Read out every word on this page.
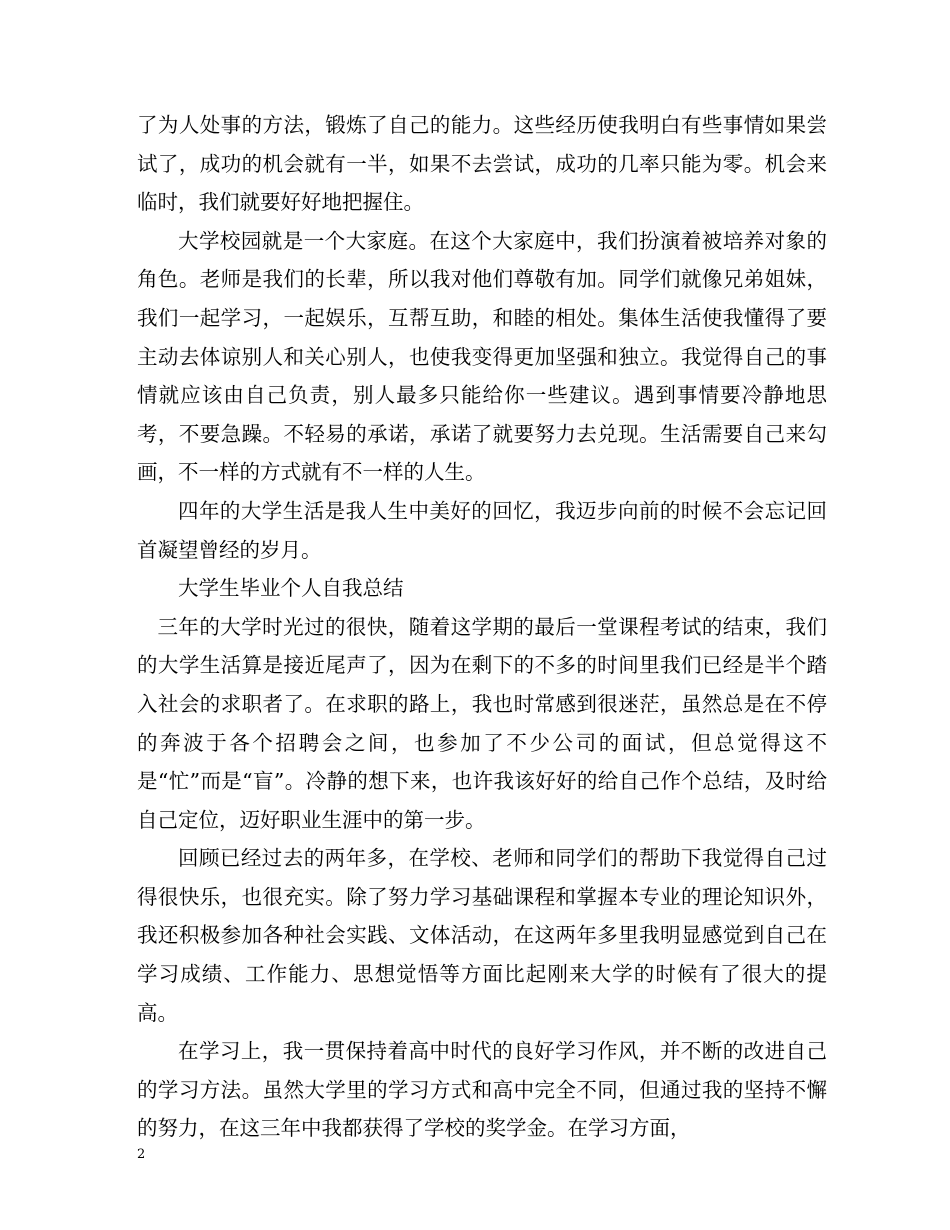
了为人处事的方法，锻炼了自己的能力。这些经历使我明白有些事情如果尝试了，成功的机会就有一半，如果不去尝试，成功的几率只能为零。机会来临时，我们就要好好地把握住。

大学校园就是一个大家庭。在这个大家庭中，我们扮演着被培养对象的角色。老师是我们的长辈，所以我对他们尊敬有加。同学们就像兄弟姐妹，我们一起学习，一起娱乐，互帮互助，和睦的相处。集体生活使我懂得了要主动去体谅别人和关心别人，也使我变得更加坚强和独立。我觉得自己的事情就应该由自己负责，别人最多只能给你一些建议。遇到事情要冷静地思考，不要急躁。不轻易的承诺，承诺了就要努力去兑现。生活需要自己来勾画，不一样的方式就有不一样的人生。

四年的大学生活是我人生中美好的回忆，我迈步向前的时候不会忘记回首凝望曾经的岁月。

大学生毕业个人自我总结

三年的大学时光过的很快，随着这学期的最后一堂课程考试的结束，我们的大学生活算是接近尾声了，因为在剩下的不多的时间里我们已经是半个踏入社会的求职者了。在求职的路上，我也时常感到很迷茫，虽然总是在不停的奔波于各个招聘会之间，也参加了不少公司的面试，但总觉得这不是“忙”而是“盲”。冷静的想下来，也许我该好好的给自己作个总结，及时给自己定位，迈好职业生涯中的第一步。

回顾已经过去的两年多，在学校、老师和同学们的帮助下我觉得自己过得很快乐，也很充实。除了努力学习基础课程和掌握本专业的理论知识外，我还积极参加各种社会实践、文体活动，在这两年多里我明显感觉到自己在学习成绩、工作能力、思想觉悟等方面比起刚来大学的时候有了很大的提高。

在学习上，我一贯保持着高中时代的良好学习作风，并不断的改进自己的学习方法。虽然大学里的学习方式和高中完全不同，但通过我的坚持不懈的努力，在这三年中我都获得了学校的奖学金。在学习方面，

2
